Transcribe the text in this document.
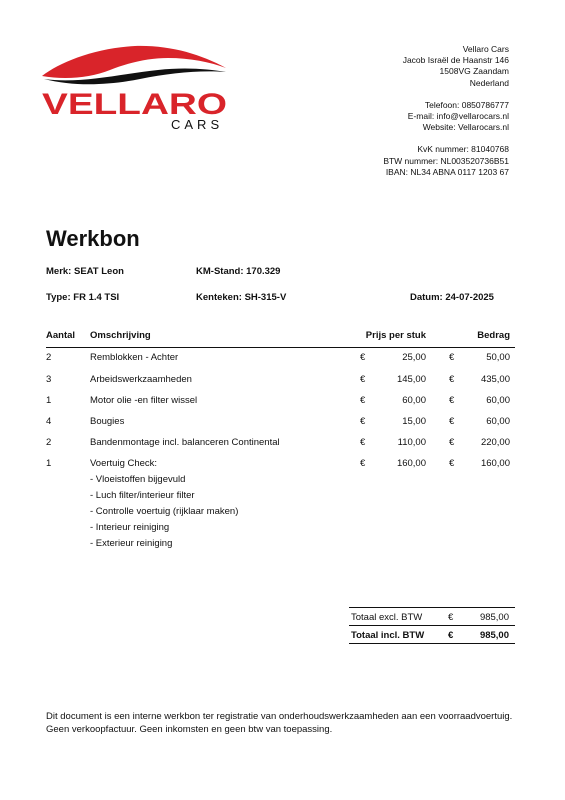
VELLARO
CARS
Vellaro Cars
Jacob Israël de Haanstr 146
1508VG Zaandam
Nederland
Telefoon: 0850786777
E-mail: info@vellarocars.nl
Website: Vellarocars.nl
KvK nummer: 81040768
BTW nummer: NL003520736B51
IBAN: NL34 ABNA 0117 1203 67
Werkbon
Merk: SEAT Leon	KM-Stand: 170.329
Type: FR 1.4 TSI	Kenteken: SH-315-V	Datum: 24-07-2025
Aantal Omschrijving	Prijs per stuk	Bedrag
2	Remblokken - Achter	€	25,00 €	50,00
3	Arbeidswerkzaamheden	€	145,00 €	435,00
1	Motor olie -en filter wissel	€	60,00 €	60,00
4	Bougies	€	15,00 €	60,00
2	Bandenmontage incl. balanceren Continental	€	110,00 €	220,00
1	Voertuig Check:	€	160,00 €	160,00
- Vloeistoffen bijgevuld
- Luch filter/interieur filter
- Controlle voertuig (rijklaar maken)
- Interieur reiniging
- Exterieur reiniging
Totaal excl. BTW	€	985,00
Totaal incl. BTW	€	985,00
Dit document is een interne werkbon ter registratie van onderhoudswerkzaamheden aan een voorraadvoertuig. Geen verkoopfactuur. Geen inkomsten en geen btw van toepassing.
